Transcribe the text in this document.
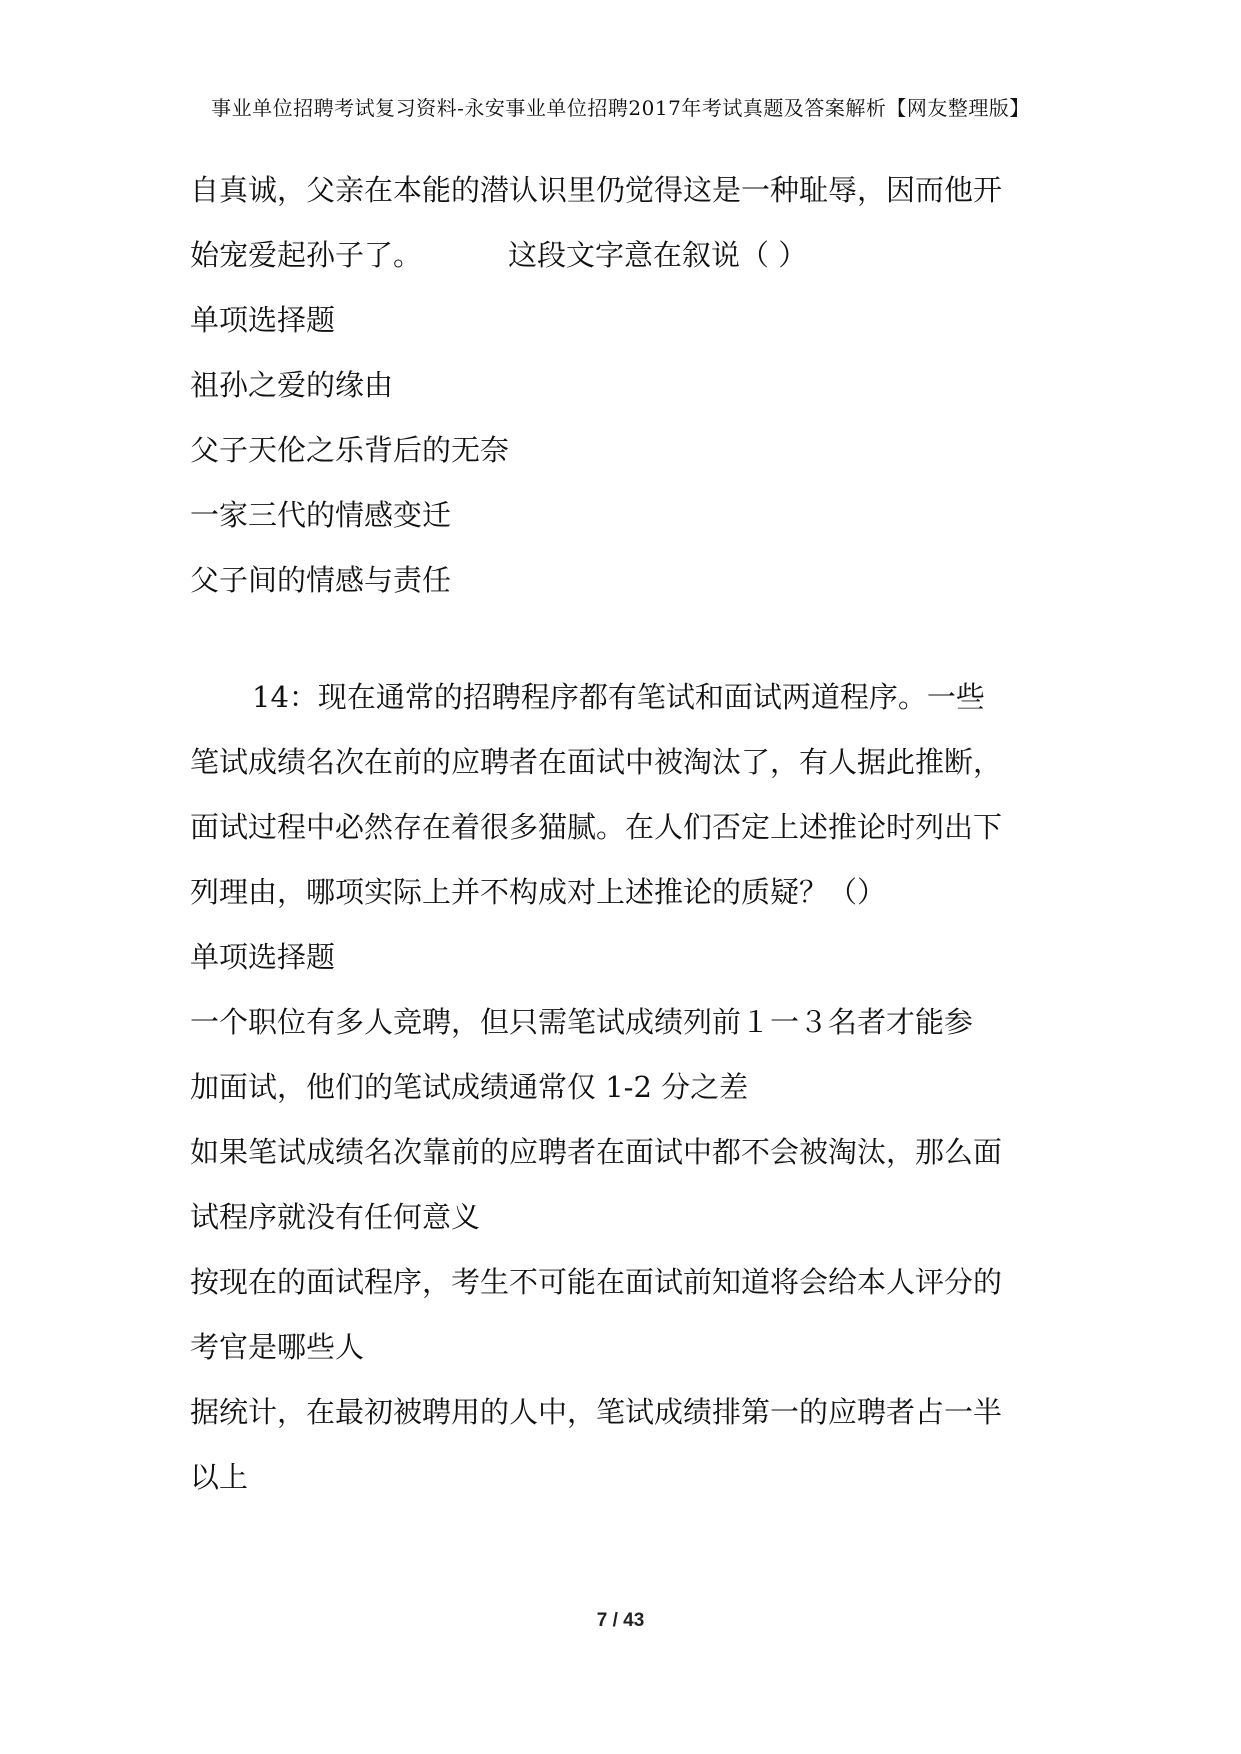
事业单位招聘考试复习资料-永安事业单位招聘2017年考试真题及答案解析【网友整理版】
自真诚，父亲在本能的潜认识里仍觉得这是一种耻辱，因而他开
始宠爱起孙子了。	这段文字意在叙说（ ）
单项选择题
祖孙之爱的缘由
父子天伦之乐背后的无奈
一家三代的情感变迁
父子间的情感与责任
14：现在通常的招聘程序都有笔试和面试两道程序。一些
笔试成绩名次在前的应聘者在面试中被淘汰了，有人据此推断，
面试过程中必然存在着很多猫腻。在人们否定上述推论时列出下
列理由，哪项实际上并不构成对上述推论的质疑？（）
单项选择题
一个职位有多人竞聘，但只需笔试成绩列前１一３名者才能参
加面试，他们的笔试成绩通常仅 1-2 分之差
如果笔试成绩名次靠前的应聘者在面试中都不会被淘汰，那么面
试程序就没有任何意义
按现在的面试程序，考生不可能在面试前知道将会给本人评分的
考官是哪些人
据统计，在最初被聘用的人中，笔试成绩排第一的应聘者占一半
以上
7 / 43
